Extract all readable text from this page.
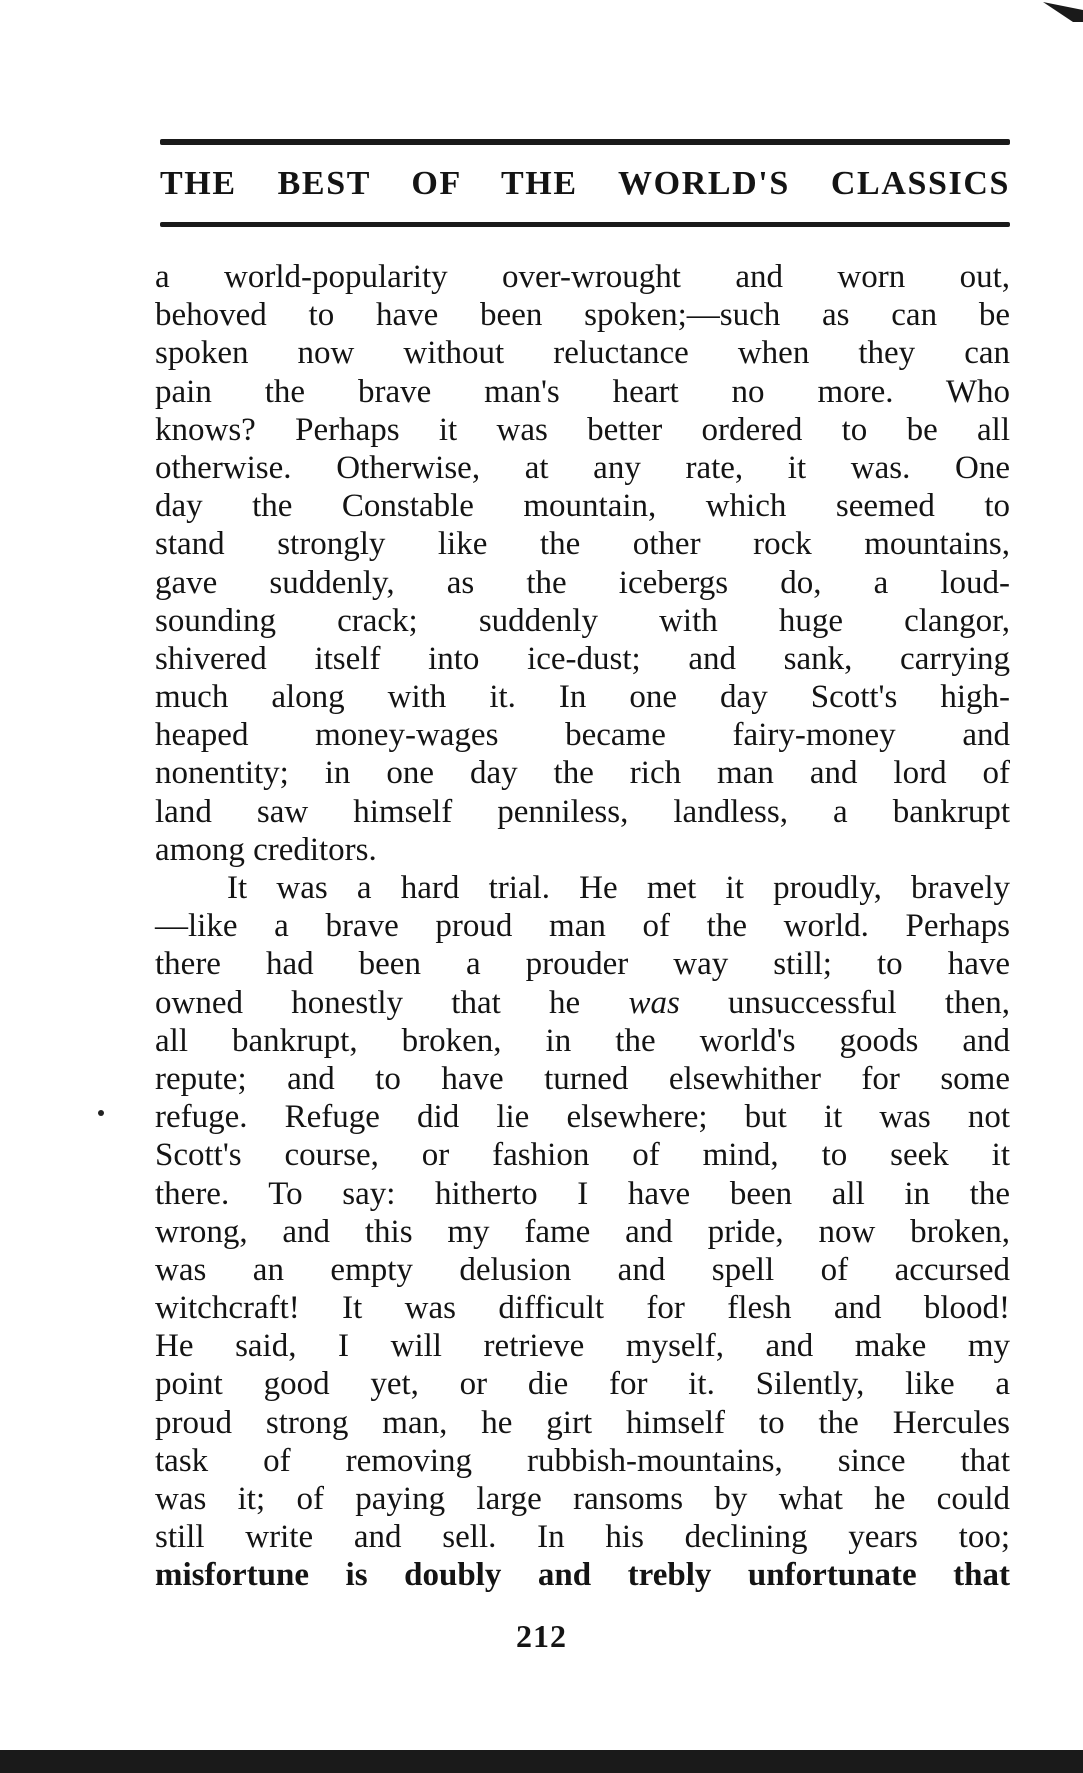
THE BEST OF THE WORLD'S CLASSICS
a world-popularity over-wrought and worn out,
behoved to have been spoken;—such as can be
spoken now without reluctance when they can
pain the brave man's heart no more. Who
knows? Perhaps it was better ordered to be all
otherwise. Otherwise, at any rate, it was. One
day the Constable mountain, which seemed to
stand strongly like the other rock mountains,
gave suddenly, as the icebergs do, a loud-
sounding crack; suddenly with huge clangor,
shivered itself into ice-dust; and sank, carrying
much along with it. In one day Scott's high-
heaped money-wages became fairy-money and
nonentity; in one day the rich man and lord of
land saw himself penniless, landless, a bankrupt
among creditors.
It was a hard trial. He met it proudly, bravely
—like a brave proud man of the world. Perhaps
there had been a prouder way still; to have
owned honestly that he was unsuccessful then,
all bankrupt, broken, in the world's goods and
repute; and to have turned elsewhither for some
refuge. Refuge did lie elsewhere; but it was not
Scott's course, or fashion of mind, to seek it
there. To say: hitherto I have been all in the
wrong, and this my fame and pride, now broken,
was an empty delusion and spell of accursed
witchcraft! It was difficult for flesh and blood!
He said, I will retrieve myself, and make my
point good yet, or die for it. Silently, like a
proud strong man, he girt himself to the Hercules
task of removing rubbish-mountains, since that
was it; of paying large ransoms by what he could
still write and sell. In his declining years too;
misfortune is doubly and trebly unfortunate that
212
